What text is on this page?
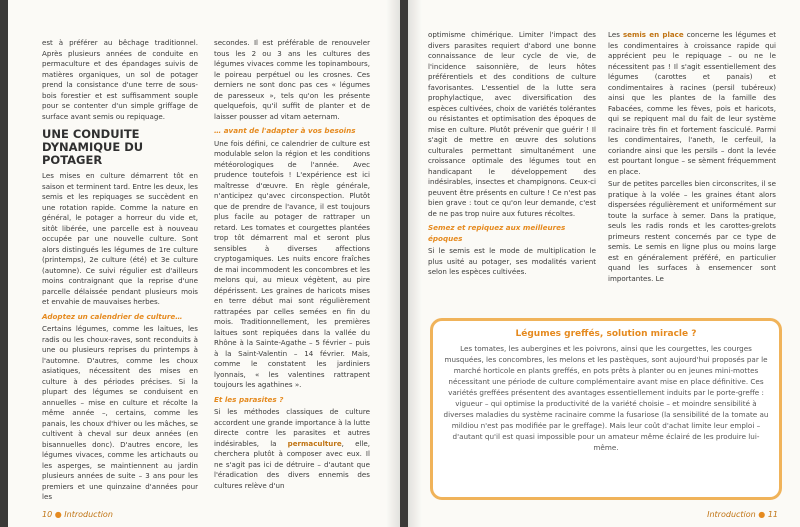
est à préférer au bêchage traditionnel. Après plusieurs années de conduite en permaculture et des épandages suivis de matières organiques, un sol de potager prend la consistance d'une terre de sous-bois forestier et est suffisamment souple pour se contenter d'un simple griffage de surface avant semis ou repiquage.

UNE CONDUITE DYNAMIQUE DU POTAGER

Les mises en culture démarrent tôt en saison et terminent tard. Entre les deux, les semis et les repiquages se succèdent en une rotation rapide. Comme la nature en général, le potager a horreur du vide et, sitôt libérée, une parcelle est à nouveau occupée par une nouvelle culture. Sont alors distingués les légumes de 1re culture (printemps), 2e culture (été) et 3e culture (automne). Ce suivi régulier est d'ailleurs moins contraignant que la reprise d'une parcelle délaissée pendant plusieurs mois et envahie de mauvaises herbes.

Adoptez un calendrier de culture…

Certains légumes, comme les laitues, les radis ou les choux-raves, sont reconduits à une ou plusieurs reprises du printemps à l'automne. D'autres, comme les choux asiatiques, nécessitent des mises en culture à des périodes précises. Si la plupart des légumes se conduisent en annuelles – mise en culture et récolte la même année –, certains, comme les panais, les choux d'hiver ou les mâches, se cultivent à cheval sur deux années (en bisannuelles donc). D'autres encore, les légumes vivaces, comme les artichauts ou les asperges, se maintiennent au jardin plusieurs années de suite – 3 ans pour les premiers et une quinzaine d'années pour les

secondes. Il est préférable de renouveler tous les 2 ou 3 ans les cultures des légumes vivaces comme les topinambours, le poireau perpétuel ou les crosnes. Ces derniers ne sont donc pas ces « légumes de paresseux », tels qu'on les présente quelquefois, qu'il suffit de planter et de laisser pousser ad vitam aeternam.

… avant de l'adapter à vos besoins

Une fois défini, ce calendrier de culture est modulable selon la région et les conditions météorologiques de l'année. Avec prudence toutefois ! L'expérience est ici maîtresse d'œuvre. En règle générale, n'anticipez qu'avec circonspection. Plutôt que de prendre de l'avance, il est toujours plus facile au potager de rattraper un retard. Les tomates et courgettes plantées trop tôt démarrent mal et seront plus sensibles à diverses affections cryptogamiques. Les nuits encore fraîches de mai incommodent les concombres et les melons qui, au mieux végètent, au pire dépérissent. Les graines de haricots mises en terre début mai sont régulièrement rattrapées par celles semées en fin du mois. Traditionnellement, les premières laitues sont repiquées dans la vallée du Rhône à la Sainte-Agathe – 5 février – puis à la Saint-Valentin – 14 février. Mais, comme le constatent les jardiniers lyonnais, « les valentines rattrapent toujours les agathines ».

Et les parasites ?

Si les méthodes classiques de culture accordent une grande importance à la lutte directe contre les parasites et autres indésirables, la permaculture, elle, cherchera plutôt à composer avec eux. Il ne s'agit pas ici de détruire – d'autant que l'éradication des divers ennemis des cultures relève d'un

10 ● Introduction

optimisme chimérique. Limiter l'impact des divers parasites requiert d'abord une bonne connaissance de leur cycle de vie, de l'incidence saisonnière, de leurs hôtes préférentiels et des conditions de culture favorisantes. L'essentiel de la lutte sera prophylactique, avec diversification des espèces cultivées, choix de variétés tolérantes ou résistantes et optimisation des époques de mise en culture. Plutôt prévenir que guérir ! Il s'agit de mettre en œuvre des solutions culturales permettant simultanément une croissance optimale des légumes tout en handicapant le développement des indésirables, insectes et champignons. Ceux-ci peuvent être présents en culture ! Ce n'est pas bien grave : tout ce qu'on leur demande, c'est de ne pas trop nuire aux futures récoltes.

Semez et repiquez aux meilleures époques

Si le semis est le mode de multiplication le plus usité au potager, ses modalités varient selon les espèces cultivées.

Les semis en place concerne les légumes et les condimentaires à croissance rapide qui apprécient peu le repiquage – ou ne le nécessitent pas ! Il s'agit essentiellement des légumes (carottes et panais) et condimentaires à racines (persil tubéreux) ainsi que les plantes de la famille des Fabacées, comme les fèves, pois et haricots, qui se repiquent mal du fait de leur système racinaire très fin et fortement fasciculé. Parmi les condimentaires, l'aneth, le cerfeuil, la coriandre ainsi que les persils – dont la levée est pourtant longue – se sèment fréquemment en place.

Sur de petites parcelles bien circonscrites, il se pratique à la volée – les graines étant alors dispersées régulièrement et uniformément sur toute la surface à semer. Dans la pratique, seuls les radis ronds et les carottes-grelots primeurs restent concernés par ce type de semis. Le semis en ligne plus ou moins large est en généralement préféré, en particulier quand les surfaces à ensemencer sont importantes. Le

Légumes greffés, solution miracle ?
Les tomates, les aubergines et les poivrons, ainsi que les courgettes, les courges musquées, les concombres, les melons et les pastèques, sont aujourd'hui proposés par le marché horticole en plants greffés, en pots prêts à planter ou en jeunes mini-mottes nécessitant une période de culture complémentaire avant mise en place définitive. Ces variétés greffées présentent des avantages essentiellement induits par le porte-greffe : vigueur – qui optimise la productivité de la variété choisie – et moindre sensibilité à diverses maladies du système racinaire comme la fusariose (la sensibilité de la tomate au mildiou n'est pas modifiée par le greffage). Mais leur coût d'achat limite leur emploi – d'autant qu'il est quasi impossible pour un amateur même éclairé de les produire lui-même.
Introduction ● 11
